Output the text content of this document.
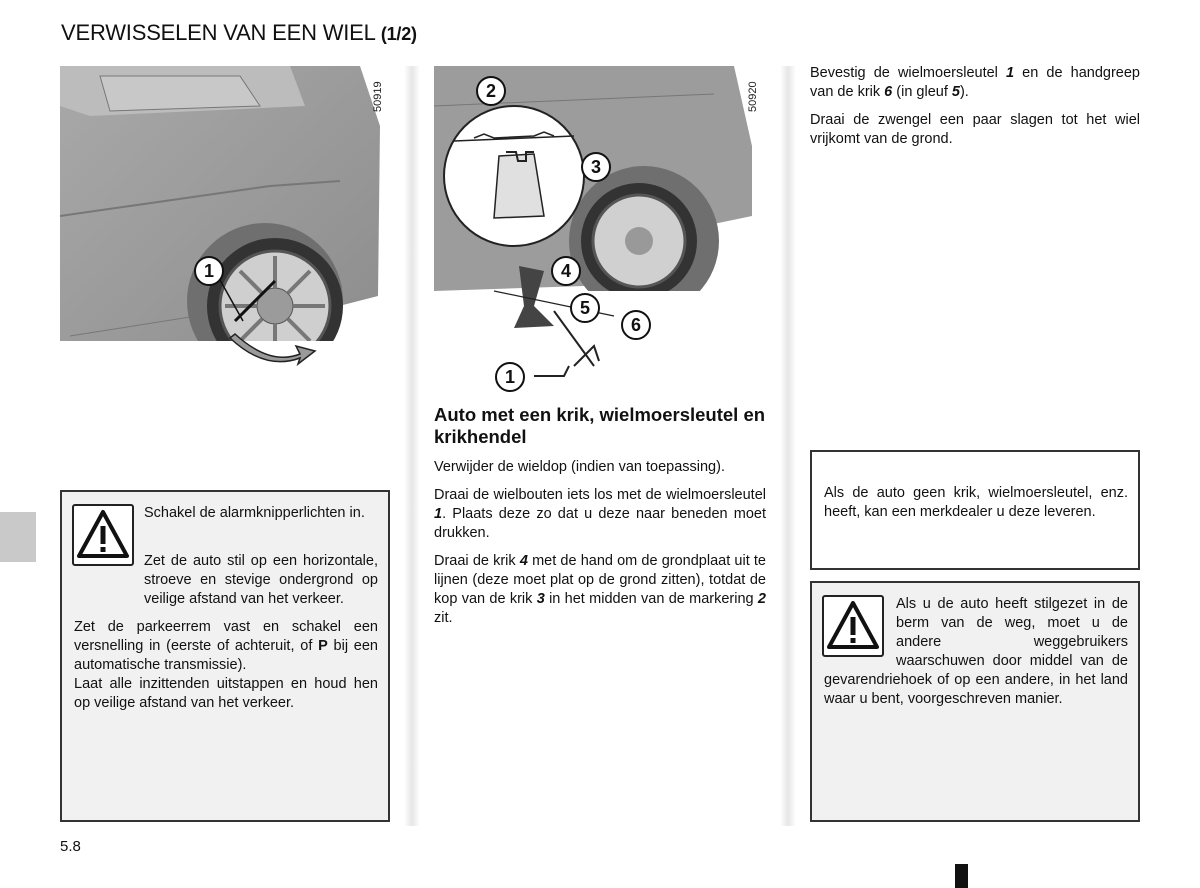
VERWISSELEN VAN EEN WIEL (1/2)
1
50919	2
3
4
5
6
1
50920

Schakel de alarmknipperlichten in.

Zet de auto stil op een horizontale, stroeve en stevige ondergrond op veilige afstand van het verkeer.

Zet de parkeerrem vast en schakel een versnelling in (eerste of achteruit, of P bij een automatische transmissie).

Laat alle inzittenden uitstappen en houd hen op veilige afstand van het verkeer.

Auto met een krik, wielmoersleutel en krikhendel

Verwijder de wieldop (indien van toepassing).

Draai de wielbouten iets los met de wielmoersleutel 1. Plaats deze zo dat u deze naar beneden moet drukken.

Draai de krik 4 met de hand om de grondplaat uit te lijnen (deze moet plat op de grond zitten), totdat de kop van de krik 3 in het midden van de markering 2 zit.

Bevestig de wielmoersleutel 1 en de handgreep van de krik 6 (in gleuf 5).

Draai de zwengel een paar slagen tot het wiel vrijkomt van de grond.

Als de auto geen krik, wielmoersleutel, enz. heeft, kan een merkdealer u deze leveren.

Als u de auto heeft stilgezet in de berm van de weg, moet u de andere weggebruikers waarschuwen door middel van de gevarendriehoek of op een andere, in het land waar u bent, voorgeschreven manier.

5.8
